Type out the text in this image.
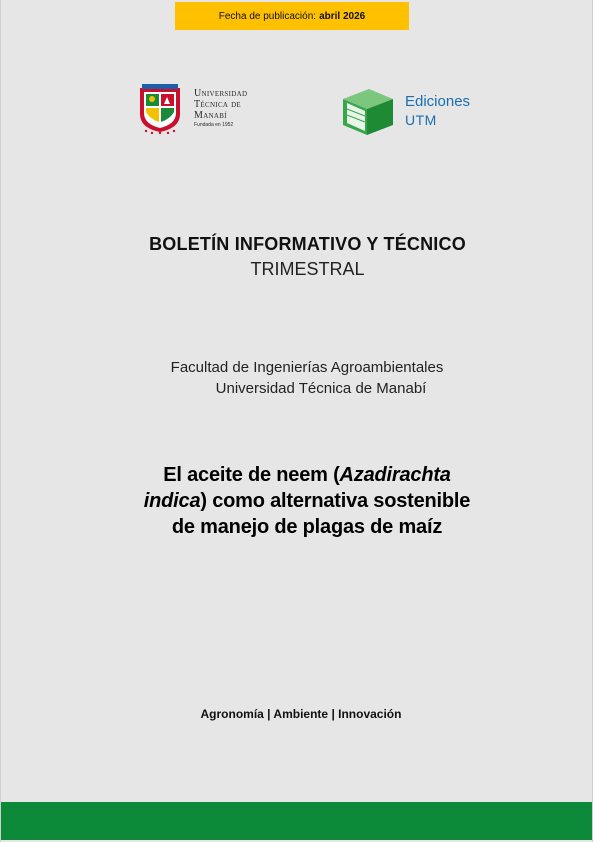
Fecha de publicación: abril 2026
Universidad
Técnica de
Manabí
Fundada en 1952
Ediciones
UTM
BOLETÍN INFORMATIVO Y TÉCNICO
TRIMESTRAL
Facultad de Ingenierías Agroambientales
Universidad Técnica de Manabí
El aceite de neem (Azadirachta
indica) como alternativa sostenible
de manejo de plagas de maíz
Agronomía | Ambiente | Innovación
